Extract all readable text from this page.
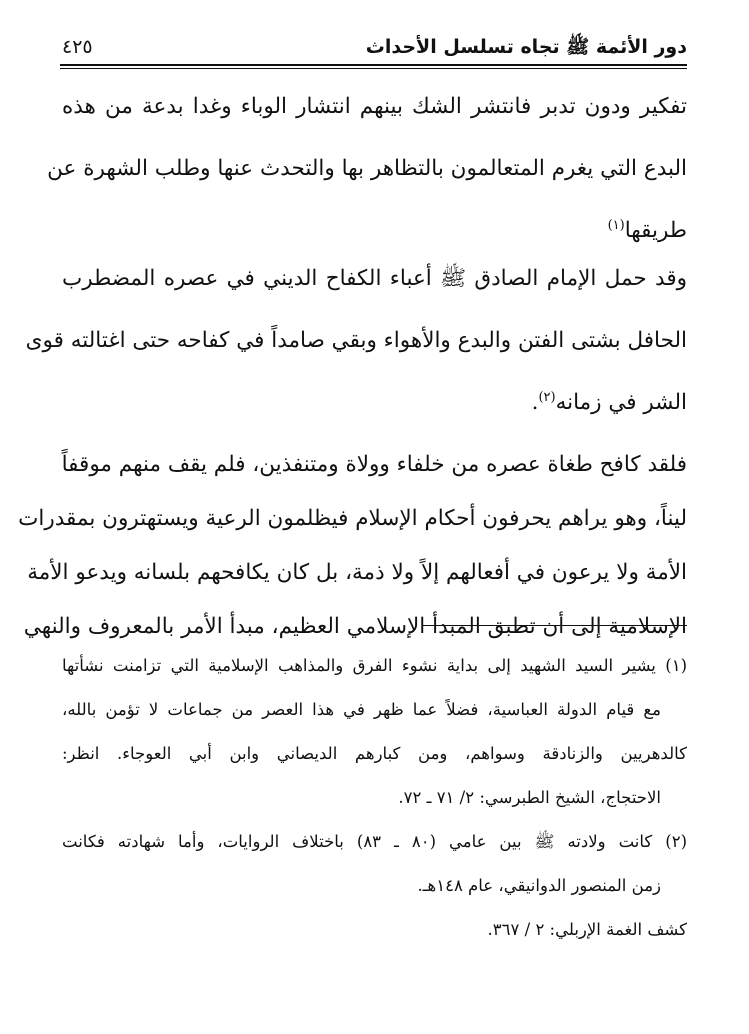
دور الأئمة ﷺ تجاه تسلسل الأحداث
٤٢٥
تفكير ودون تدبر فانتشر الشك بينهم انتشار الوباء وغدا بدعة من هذه
البدع التي يغرم المتعالمون بالتظاهر بها والتحدث عنها وطلب الشهرة عن
طريقها$^{(١)}$
وقد حمل الإمام الصادق ﷺ أعباء الكفاح الديني في عصره المضطرب
الحافل بشتى الفتن والبدع والأهواء وبقي صامداً في كفاحه حتى اغتالته قوى
الشر في زمانه$^{(٢)}$.
فلقد كافح طغاة عصره من خلفاء وولاة ومتنفذين، فلم يقف منهم موقفاً
ليناً، وهو يراهم يحرفون أحكام الإسلام فيظلمون الرعية ويستهترون بمقدرات
الأمة ولا يرعون في أفعالهم إلاً ولا ذمة، بل كان يكافحهم بلسانه ويدعو الأمة
الإسلامية إلى أن تطبق المبدأ الإسلامي العظيم، مبدأ الأمر بالمعروف والنهي
(١) يشير السيد الشهيد إلى بداية نشوء الفرق والمذاهب الإسلامية التي تزامنت نشأتها
مع قيام الدولة العباسية، فضلاً عما ظهر في هذا العصر من جماعات لا تؤمن بالله،
كالدهريين والزنادقة وسواهم، ومن كبارهم الديصاني وابن أبي العوجاء. انظر:
الاحتجاج، الشيخ الطبرسي: ٢/ ٧١ ـ ٧٢.
(٢) كانت ولادته ﷺ بين عامي (٨٠ ـ ٨٣) باختلاف الروايات، وأما شهادته فكانت
زمن المنصور الدوانيقي، عام ١٤٨هـ.
كشف الغمة الإربلي: ٢ / ٣٦٧.
